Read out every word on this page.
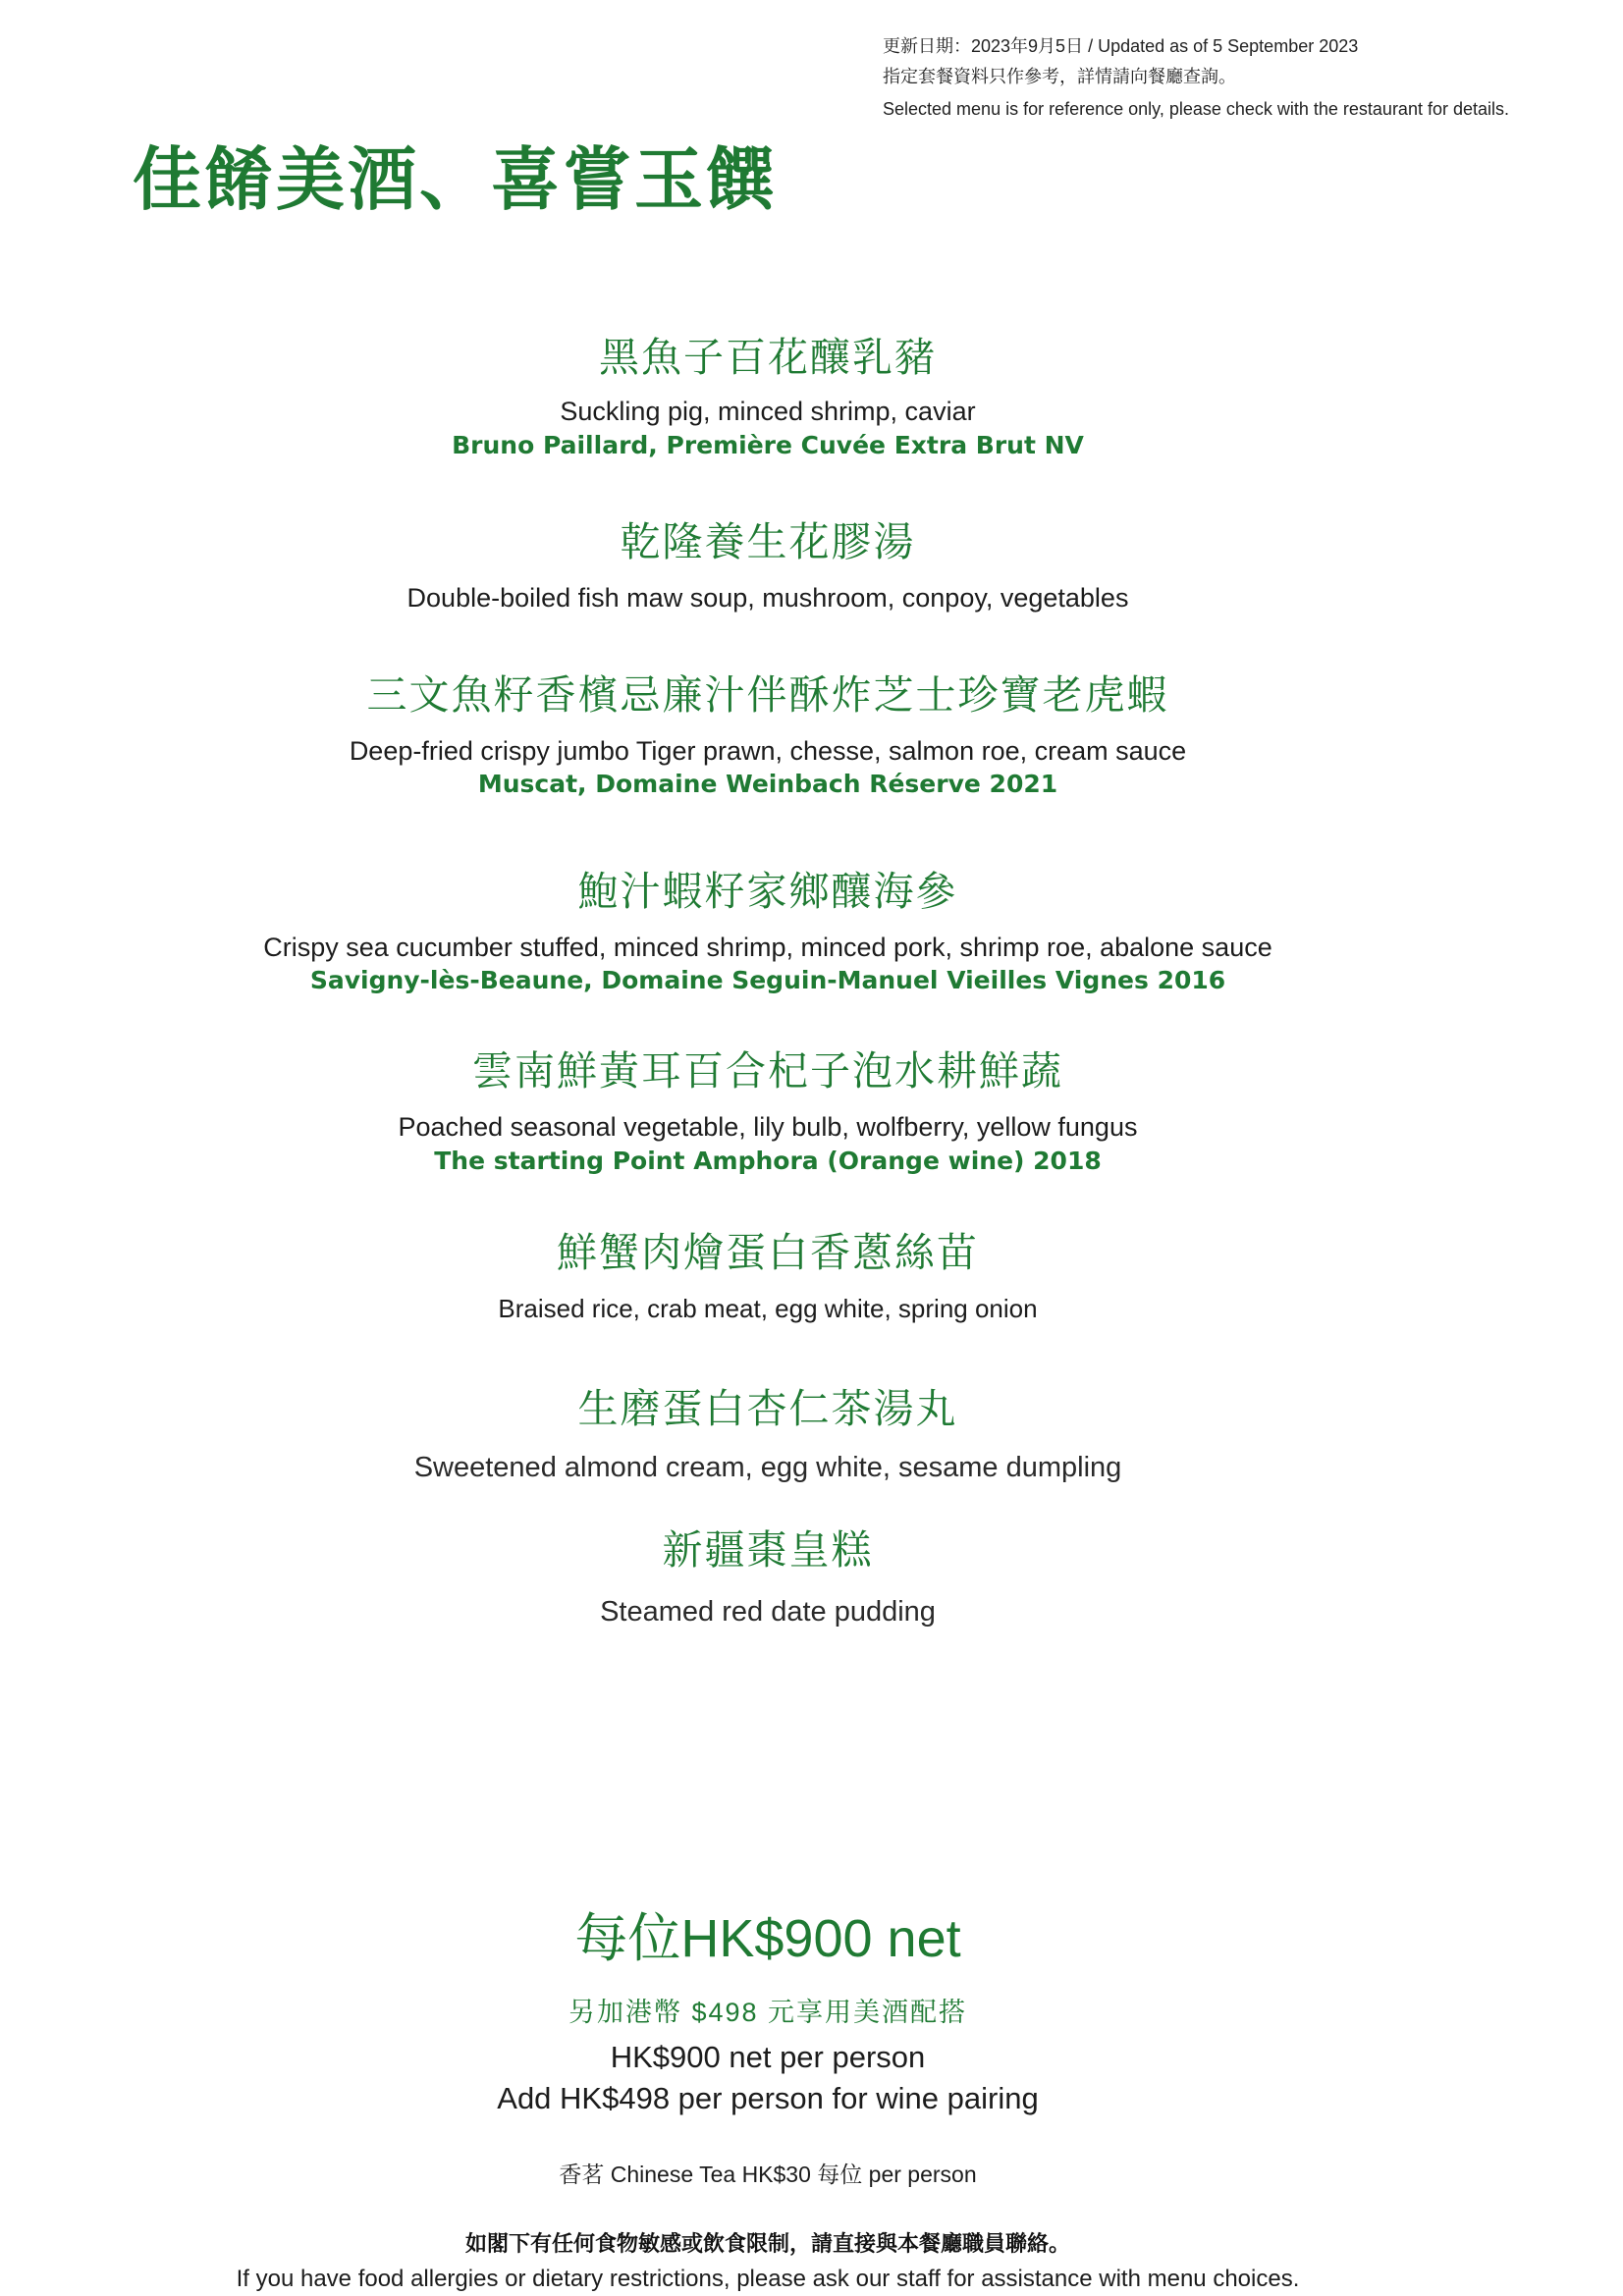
更新日期：2023年9月5日 / Updated as of 5 September 2023
指定套餐資料只作參考，詳情請向餐廳查詢。
Selected menu is for reference only, please check with the restaurant for details.
佳餚美酒、喜嘗玉饌
黑魚子百花釀乳豬
Suckling pig, minced shrimp, caviar
Bruno Paillard, Première Cuvée Extra Brut NV
乾隆養生花膠湯
Double-boiled fish maw soup, mushroom, conpoy, vegetables
三文魚籽香檳忌廉汁伴酥炸芝士珍寶老虎蝦
Deep-fried crispy jumbo Tiger prawn, chesse, salmon roe, cream sauce
Muscat, Domaine Weinbach Réserve 2021
鮑汁蝦籽家鄉釀海參
Crispy sea cucumber stuffed, minced shrimp, minced pork, shrimp roe, abalone sauce
Savigny-lès-Beaune, Domaine Seguin-Manuel Vieilles Vignes 2016
雲南鮮黃耳百合杞子泡水耕鮮蔬
Poached seasonal vegetable, lily bulb, wolfberry, yellow fungus
The starting Point Amphora (Orange wine) 2018
鮮蟹肉燴蛋白香蔥絲苗
Braised rice, crab meat, egg white, spring onion
生磨蛋白杏仁茶湯丸
Sweetened almond cream, egg white, sesame dumpling
新疆棗皇糕
Steamed red date pudding
每位HK$900 net
另加港幣 $498 元享用美酒配搭
HK$900 net per person
Add HK$498 per person for wine pairing
香茗 Chinese Tea HK$30 每位 per person
如閣下有任何食物敏感或飲食限制，請直接與本餐廳職員聯絡。
If you have food allergies or dietary restrictions, please ask our staff for assistance with menu choices.
